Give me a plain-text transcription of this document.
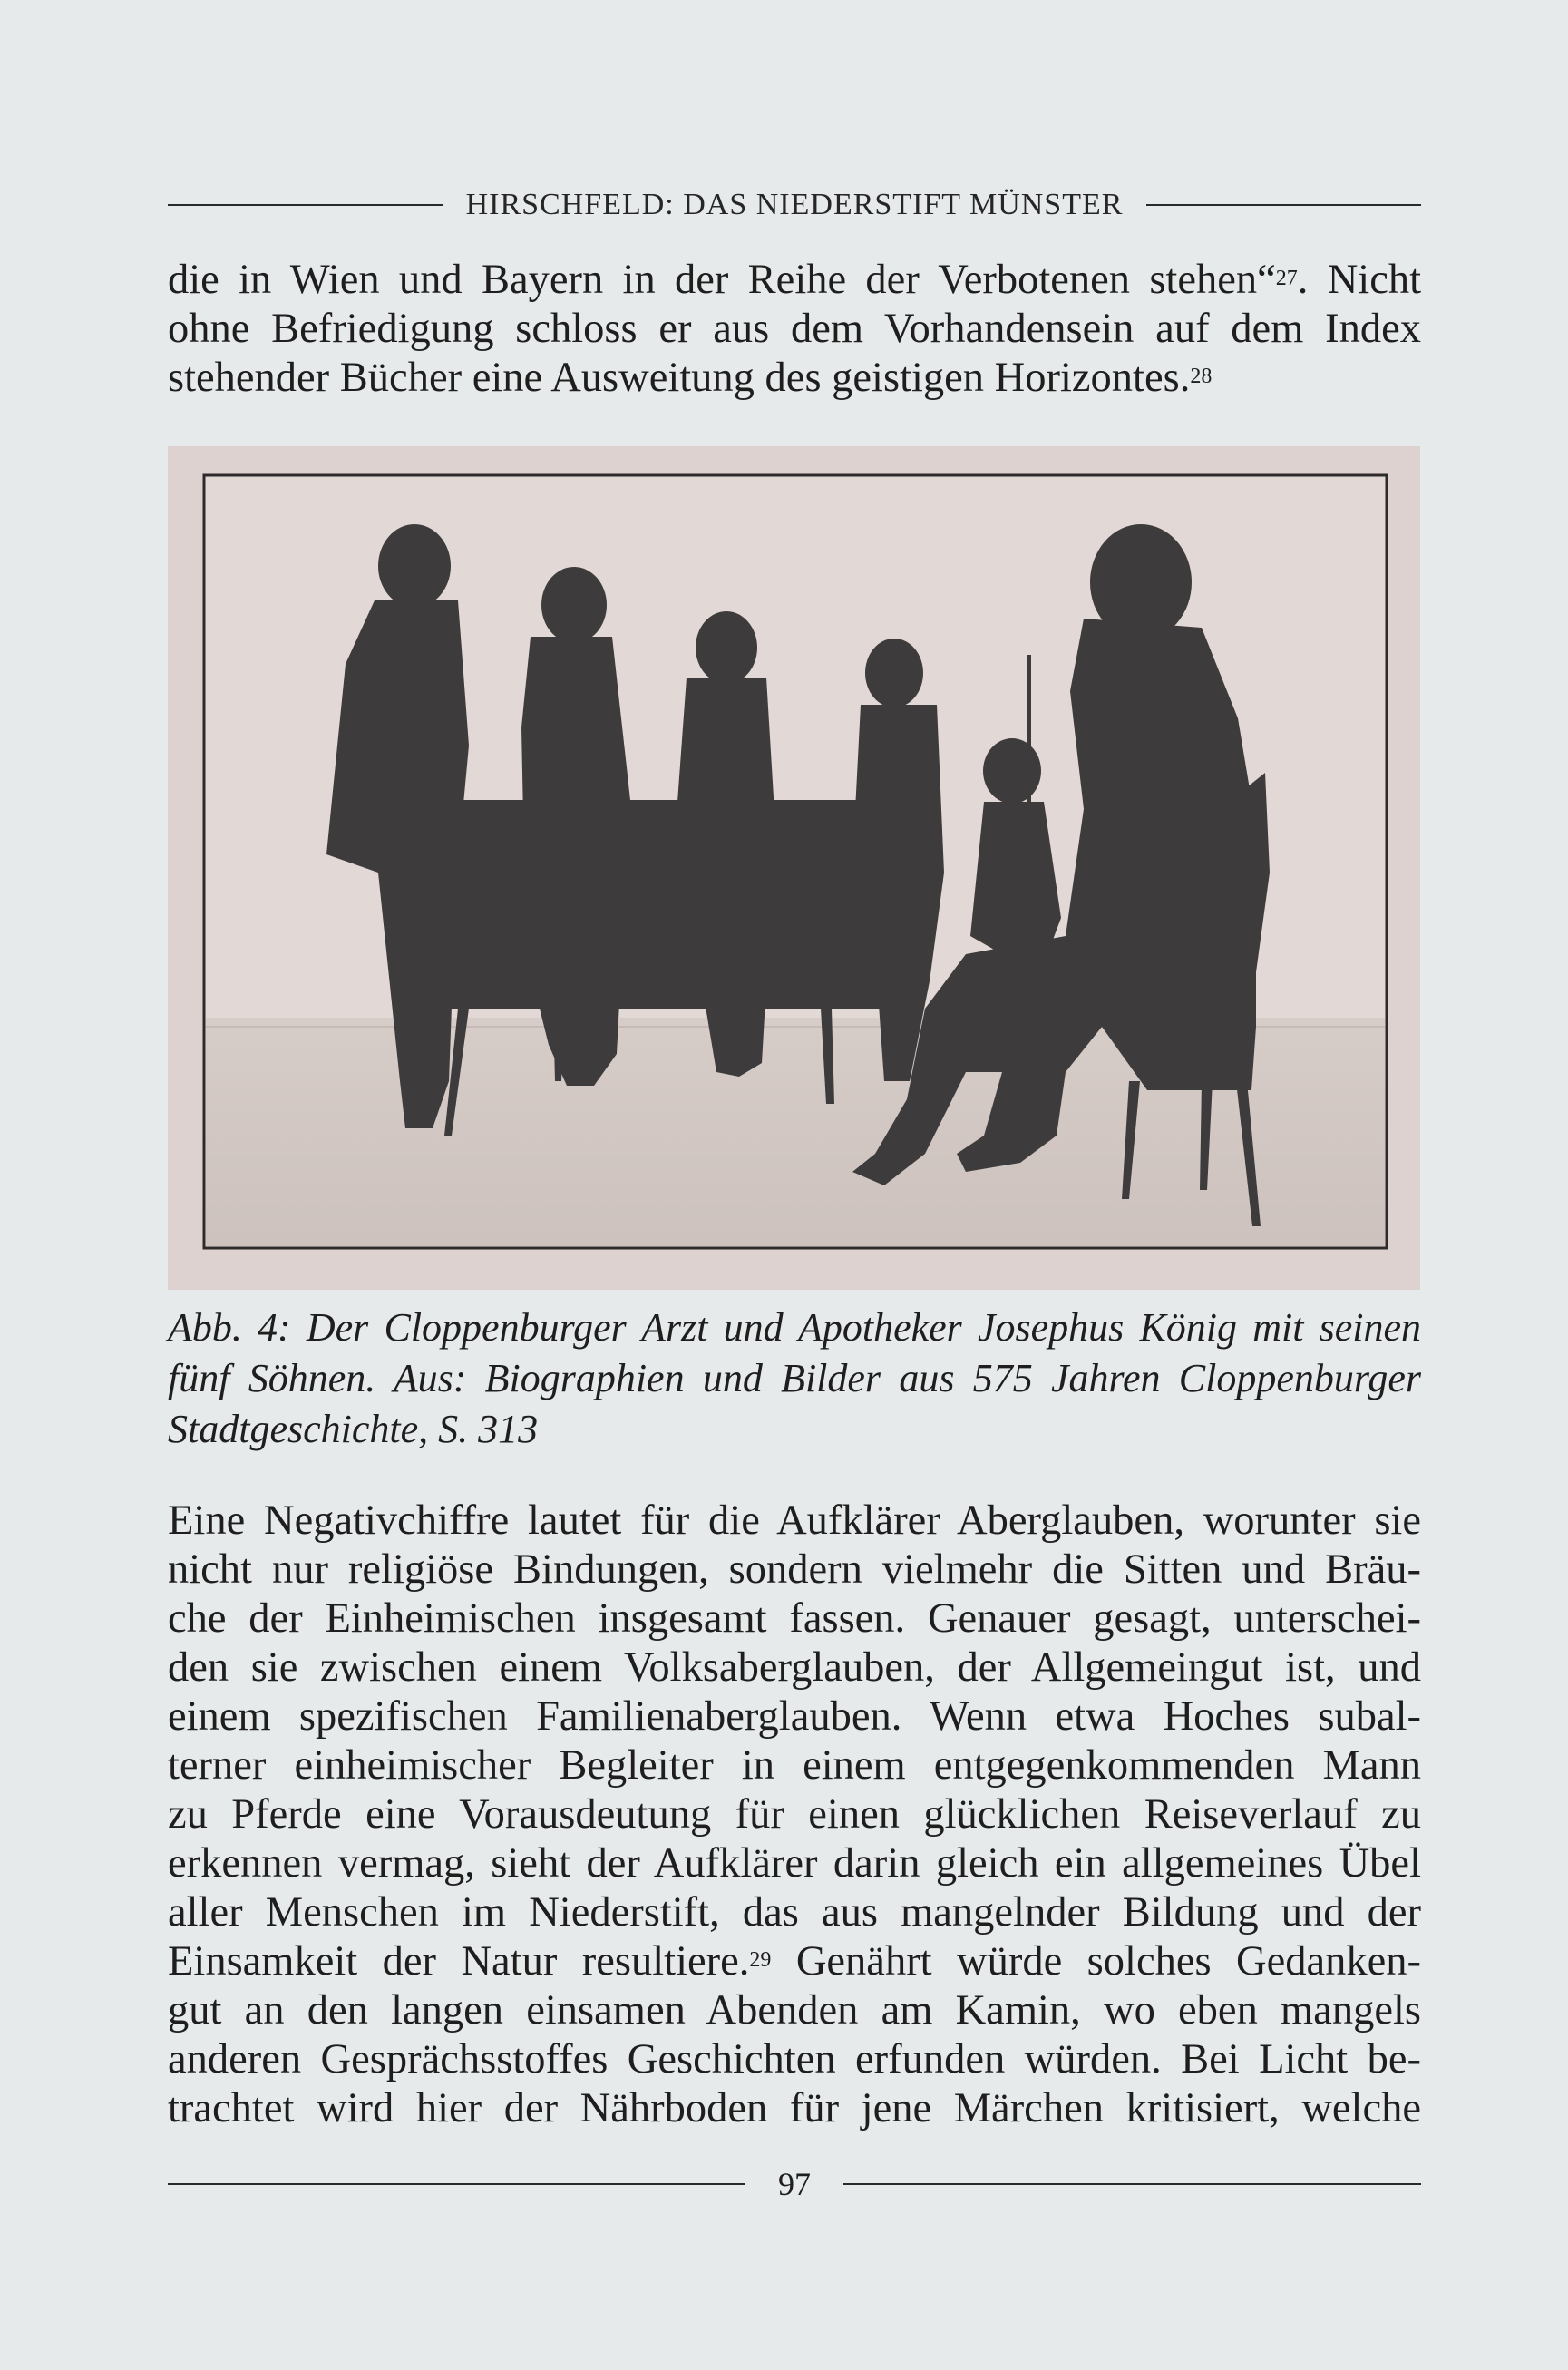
HIRSCHFELD: DAS NIEDERSTIFT MÜNSTER
die in Wien und Bayern in der Reihe der Verbotenen stehen“$^{27}$. Nicht
ohne Befriedigung schloss er aus dem Vorhandensein auf dem Index
stehender Bücher eine Ausweitung des geistigen Horizontes.$^{28}$
Abb. 4: Der Cloppenburger Arzt und Apotheker Josephus König mit seinen
fünf Söhnen. Aus: Biographien und Bilder aus 575 Jahren Cloppenburger
Stadtgeschichte, S. 313
Eine Negativchiffre lautet für die Aufklärer Aberglauben, worunter sie
nicht nur religiöse Bindungen, sondern vielmehr die Sitten und Bräu-
che der Einheimischen insgesamt fassen. Genauer gesagt, unterschei-
den sie zwischen einem Volksaberglauben, der Allgemeingut ist, und
einem spezifischen Familienaberglauben. Wenn etwa Hoches subal-
terner einheimischer Begleiter in einem entgegenkommenden Mann
zu Pferde eine Vorausdeutung für einen glücklichen Reiseverlauf zu
erkennen vermag, sieht der Aufklärer darin gleich ein allgemeines Übel
aller Menschen im Niederstift, das aus mangelnder Bildung und der
Einsamkeit der Natur resultiere.$^{29}$ Genährt würde solches Gedanken-
gut an den langen einsamen Abenden am Kamin, wo eben mangels
anderen Gesprächsstoffes Geschichten erfunden würden. Bei Licht be-
trachtet wird hier der Nährboden für jene Märchen kritisiert, welche
97
